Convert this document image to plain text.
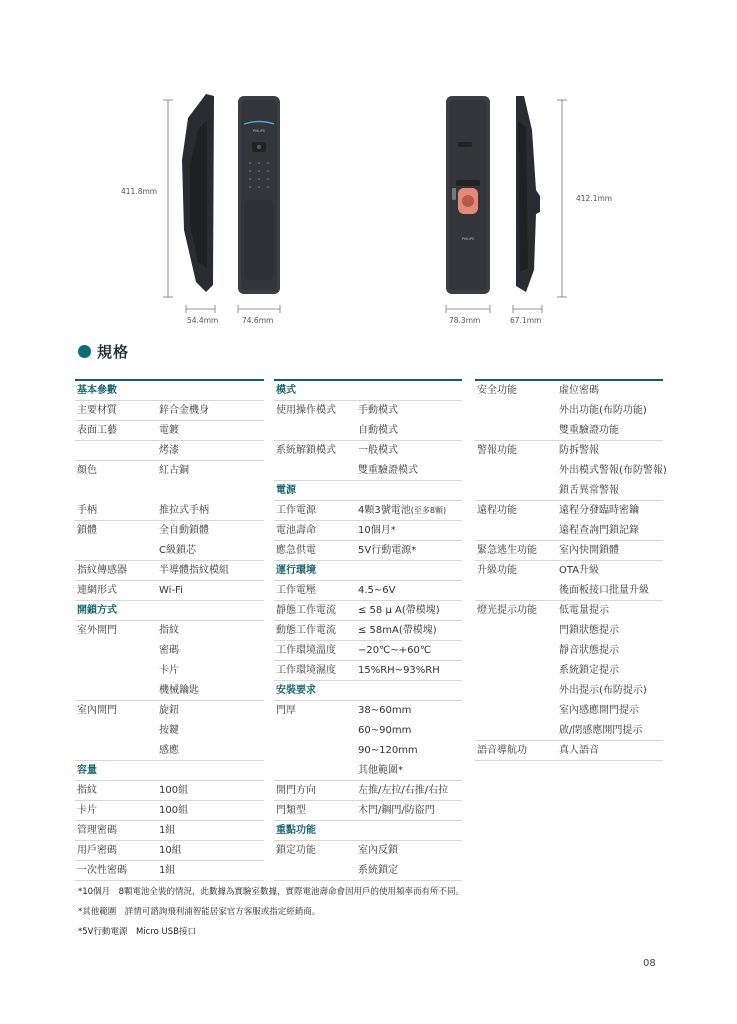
PHILIPS
PHILIPS
411.8mm
412.1mm
54.4mm	74.6mm	78.3mm	67.1mm
規格
基本參數
主要材質	鋅合金機身
表面工藝	電鍍
烤漆
顏色	紅古銅
手柄	推拉式手柄
鎖體	全自動鎖體
C級鎖芯
指紋傳感器	半導體指紋模組
連網形式	Wi-Fi
開鎖方式
室外開門	指紋
密碼
卡片
機械鑰匙
室內開門	旋鈕
按鍵
感應
容量
指紋	100組
卡片	100組
管理密碼	1組
用戶密碼	10組
一次性密碼	1組
模式
使用操作模式 手動模式
自動模式
系統解鎖模式 一般模式
雙重驗證模式
電源
工作電源	4顆3號電池(至多8顆)
電池壽命	10個月*
應急供電	5V行動電源*
運行環境
工作電壓	4.5~6V
靜態工作電流 ≤ 58 μ A(帶模塊)
動態工作電流 ≤ 58mA(帶模塊)
工作環境溫度 −20℃~+60℃
工作環境濕度 15%RH~93%RH
安裝要求
門厚	38~60mm
60~90mm
90~120mm
其他範圍*
開門方向	左推/左拉/右推/右拉
門類型	木門/鋼門/防盜門
重點功能
鎖定功能	室內反鎖
系統鎖定
安全功能	虛位密碼
外出功能(布防功能)
雙重驗證功能
警報功能	防拆警報
外出模式警報(布防警報)
鎖舌異常警報
遠程功能	遠程分發臨時密鑰
遠程查詢門鎖記錄
緊急逃生功能 室內快開鎖體
升級功能	OTA升級
後面板接口批量升級
燈光提示功能 低電量提示
門鎖狀態提示
靜音狀態提示
系統鎖定提示
外出提示(布防提示)
室內感應開門提示
啟/閉感應開門提示
語音導航功	真人語音
*10個月　8顆電池全裝的情況，此數據為實驗室數據，實際電池壽命會因用戶的使用頻率而有所不同。
*其他範圍　詳情可諮詢飛利浦智能居家官方客服或指定經銷商。
*5V行動電源　Micro USB接口
08
